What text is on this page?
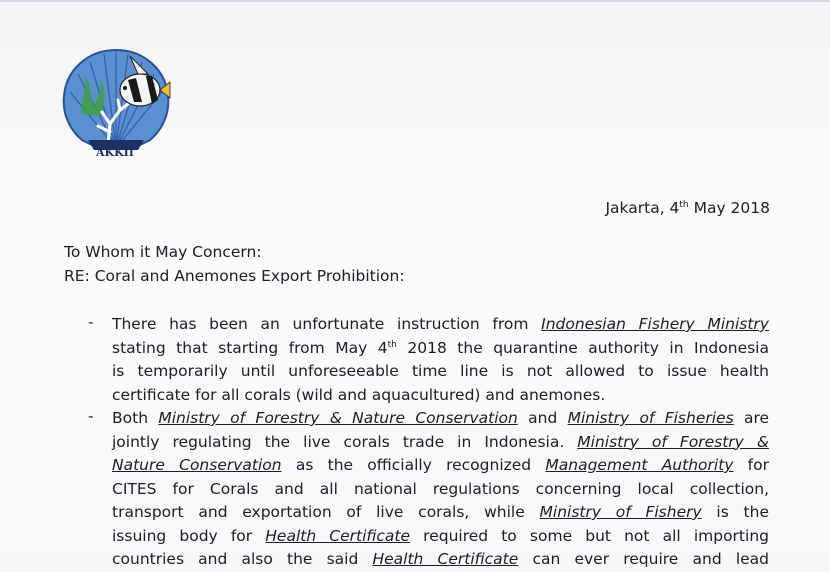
AKKII
Jakarta, 4th May 2018
To Whom it May Concern:
RE: Coral and Anemones Export Prohibition:
- There has been an unfortunate instruction from Indonesian Fishery Ministry
stating that starting from May 4th 2018 the quarantine authority in Indonesia
is temporarily until unforeseeable time line is not allowed to issue health
certificate for all corals (wild and aquacultured) and anemones.
- Both Ministry of Forestry & Nature Conservation and Ministry of Fisheries are
jointly regulating the live corals trade in Indonesia. Ministry of Forestry &
Nature Conservation as the officially recognized Management Authority for
CITES for Corals and all national regulations concerning local collection,
transport and exportation of live corals, while Ministry of Fishery is the
issuing body for Health Certificate required to some but not all importing
countries and also the said Health Certificate can ever require and lead
